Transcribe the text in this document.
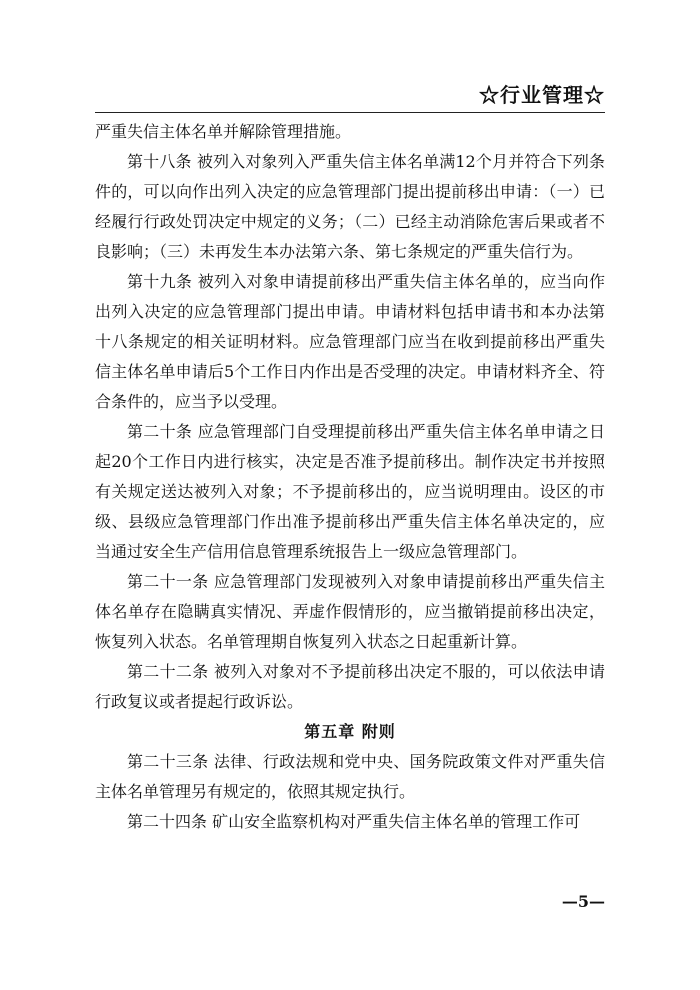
☆行业管理☆

严重失信主体名单并解除管理措施。

第十八条 被列入对象列入严重失信主体名单满12个月并符合下列条件的，可以向作出列入决定的应急管理部门提出提前移出申请：（一）已经履行行政处罚决定中规定的义务；（二）已经主动消除危害后果或者不良影响；（三）未再发生本办法第六条、第七条规定的严重失信行为。

第十九条 被列入对象申请提前移出严重失信主体名单的，应当向作出列入决定的应急管理部门提出申请。申请材料包括申请书和本办法第十八条规定的相关证明材料。应急管理部门应当在收到提前移出严重失信主体名单申请后5个工作日内作出是否受理的决定。申请材料齐全、符合条件的，应当予以受理。

第二十条 应急管理部门自受理提前移出严重失信主体名单申请之日起20个工作日内进行核实，决定是否准予提前移出。制作决定书并按照有关规定送达被列入对象；不予提前移出的，应当说明理由。设区的市级、县级应急管理部门作出准予提前移出严重失信主体名单决定的，应当通过安全生产信用信息管理系统报告上一级应急管理部门。

第二十一条 应急管理部门发现被列入对象申请提前移出严重失信主体名单存在隐瞒真实情况、弄虚作假情形的，应当撤销提前移出决定，恢复列入状态。名单管理期自恢复列入状态之日起重新计算。

第二十二条 被列入对象对不予提前移出决定不服的，可以依法申请行政复议或者提起行政诉讼。

第五章 附则

第二十三条 法律、行政法规和党中央、国务院政策文件对严重失信主体名单管理另有规定的，依照其规定执行。

第二十四条 矿山安全监察机构对严重失信主体名单的管理工作可

—5—
